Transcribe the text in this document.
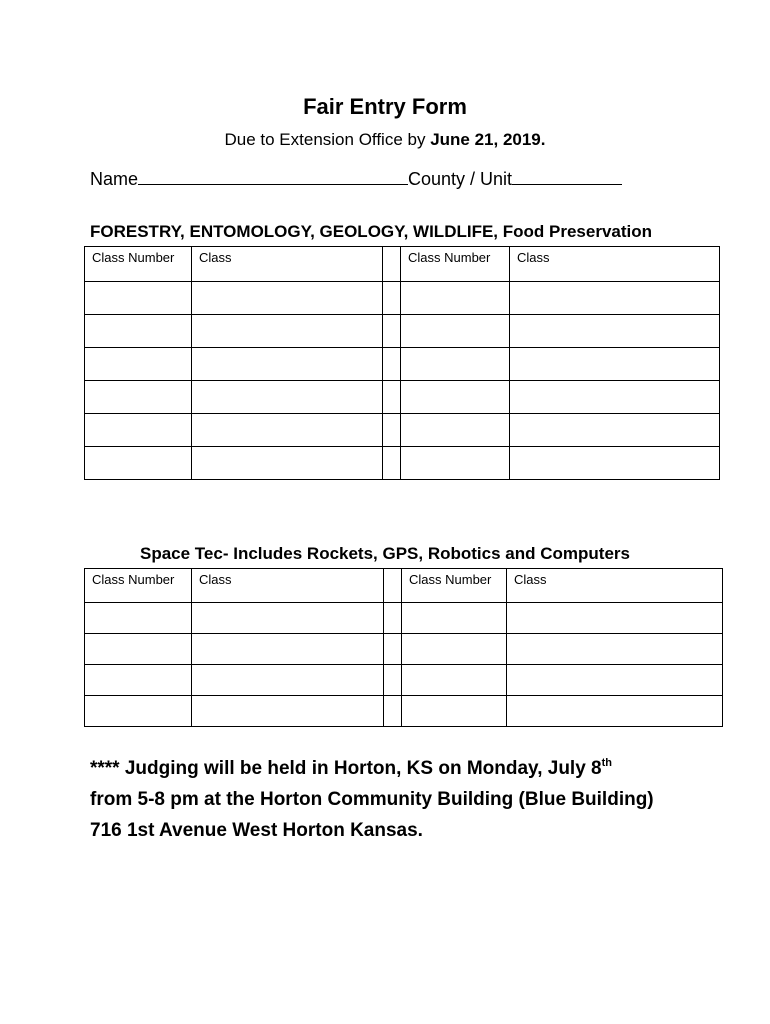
Fair Entry Form
Due to Extension Office by June 21, 2019.
Name	County / Unit
FORESTRY, ENTOMOLOGY, GEOLOGY, WILDLIFE, Food Preservation
Class Number	Class		Class Number	Class

Space Tec- Includes Rockets, GPS, Robotics and Computers
Class Number	Class		Class Number	Class

**** Judging will be held in Horton, KS on Monday, July 8th
from 5-8 pm at the Horton Community Building (Blue Building)
716 1st Avenue West Horton Kansas.
